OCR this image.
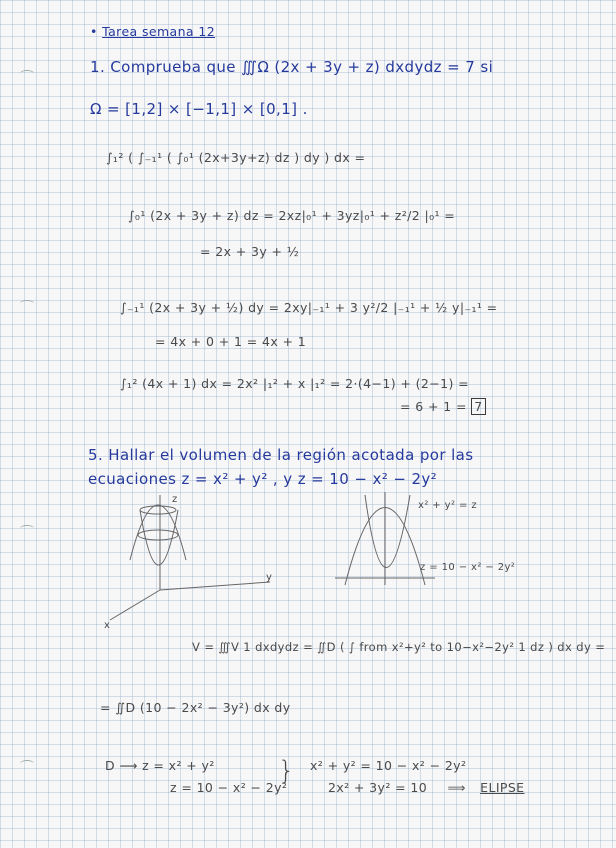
• Tarea semana 12
1. Comprueba que ∭Ω (2x + 3y + z) dxdydz = 7 si
Ω = [1,2] × [−1,1] × [0,1] .
∫₁² ( ∫₋₁¹ ( ∫₀¹ (2x+3y+z) dz ) dy ) dx =
∫₀¹ (2x + 3y + z) dz = 2xz|₀¹ + 3yz|₀¹ + z²/2 |₀¹ =
= 2x + 3y + ½
∫₋₁¹ (2x + 3y + ½) dy = 2xy|₋₁¹ + 3 y²/2 |₋₁¹ + ½ y|₋₁¹ =
= 4x + 0 + 1 = 4x + 1
∫₁² (4x + 1) dx = 2x² |₁² + x |₁² = 2·(4−1) + (2−1) =
= 6 + 1 = 7
5. Hallar el volumen de la región acotada por las
ecuaciones z = x² + y² , y z = 10 − x² − 2y²
z
y
x
x² + y² = z
z = 10 − x² − 2y²
V = ∭V 1 dxdydz = ∬D ( ∫ from x²+y² to 10−x²−2y² 1 dz ) dx dy =
= ∬D (10 − 2x² − 3y²) dx dy
D ⟶ z = x² + y²
z = 10 − x² − 2y²
} x² + y² = 10 − x² − 2y²
2x² + 3y² = 10 ⟹ ELIPSE
